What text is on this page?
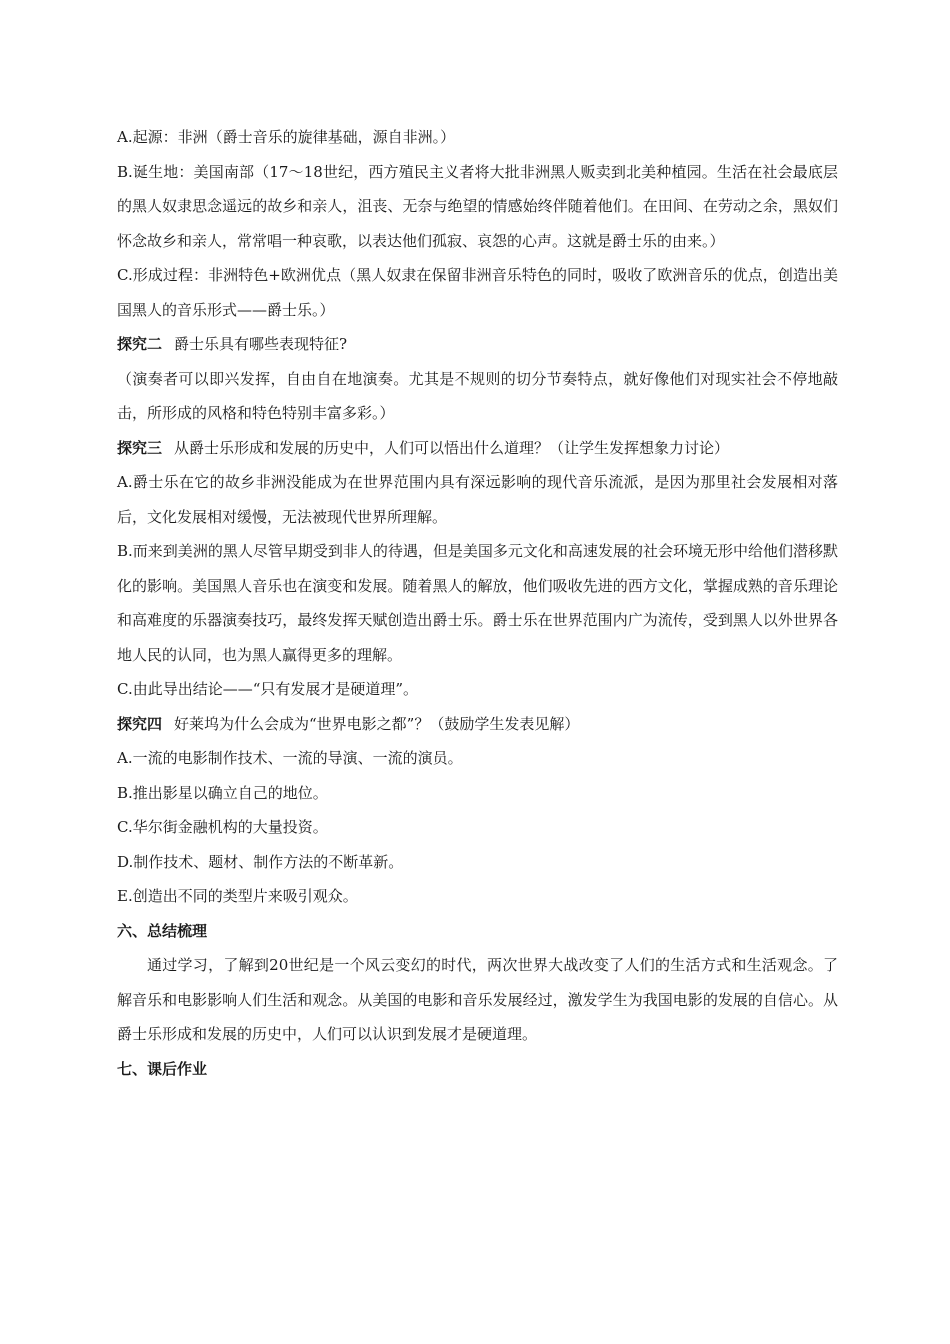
A.起源：非洲（爵士音乐的旋律基础，源自非洲。）

B.诞生地：美国南部（17～18世纪，西方殖民主义者将大批非洲黑人贩卖到北美种植园。生活在社会最底层的黑人奴隶思念遥远的故乡和亲人，沮丧、无奈与绝望的情感始终伴随着他们。在田间、在劳动之余，黑奴们怀念故乡和亲人，常常唱一种哀歌，以表达他们孤寂、哀怨的心声。这就是爵士乐的由来。）

C.形成过程：非洲特色+欧洲优点（黑人奴隶在保留非洲音乐特色的同时，吸收了欧洲音乐的优点，创造出美国黑人的音乐形式——爵士乐。）

探究二 爵士乐具有哪些表现特征?

（演奏者可以即兴发挥，自由自在地演奏。尤其是不规则的切分节奏特点，就好像他们对现实社会不停地敲击，所形成的风格和特色特别丰富多彩。）

探究三 从爵士乐形成和发展的历史中，人们可以悟出什么道理？（让学生发挥想象力讨论）

A.爵士乐在它的故乡非洲没能成为在世界范围内具有深远影响的现代音乐流派，是因为那里社会发展相对落后，文化发展相对缓慢，无法被现代世界所理解。

B.而来到美洲的黑人尽管早期受到非人的待遇，但是美国多元文化和高速发展的社会环境无形中给他们潜移默化的影响。美国黑人音乐也在演变和发展。随着黑人的解放，他们吸收先进的西方文化，掌握成熟的音乐理论和高难度的乐器演奏技巧，最终发挥天赋创造出爵士乐。爵士乐在世界范围内广为流传，受到黑人以外世界各地人民的认同，也为黑人赢得更多的理解。

C.由此导出结论——“只有发展才是硬道理”。

探究四 好莱坞为什么会成为“世界电影之都”？（鼓励学生发表见解）

A.一流的电影制作技术、一流的导演、一流的演员。

B.推出影星以确立自己的地位。

C.华尔街金融机构的大量投资。

D.制作技术、题材、制作方法的不断革新。

E.创造出不同的类型片来吸引观众。

六、总结梳理

通过学习，了解到20世纪是一个风云变幻的时代，两次世界大战改变了人们的生活方式和生活观念。了解音乐和电影影响人们生活和观念。从美国的电影和音乐发展经过，激发学生为我国电影的发展的自信心。从爵士乐形成和发展的历史中，人们可以认识到发展才是硬道理。

七、课后作业
